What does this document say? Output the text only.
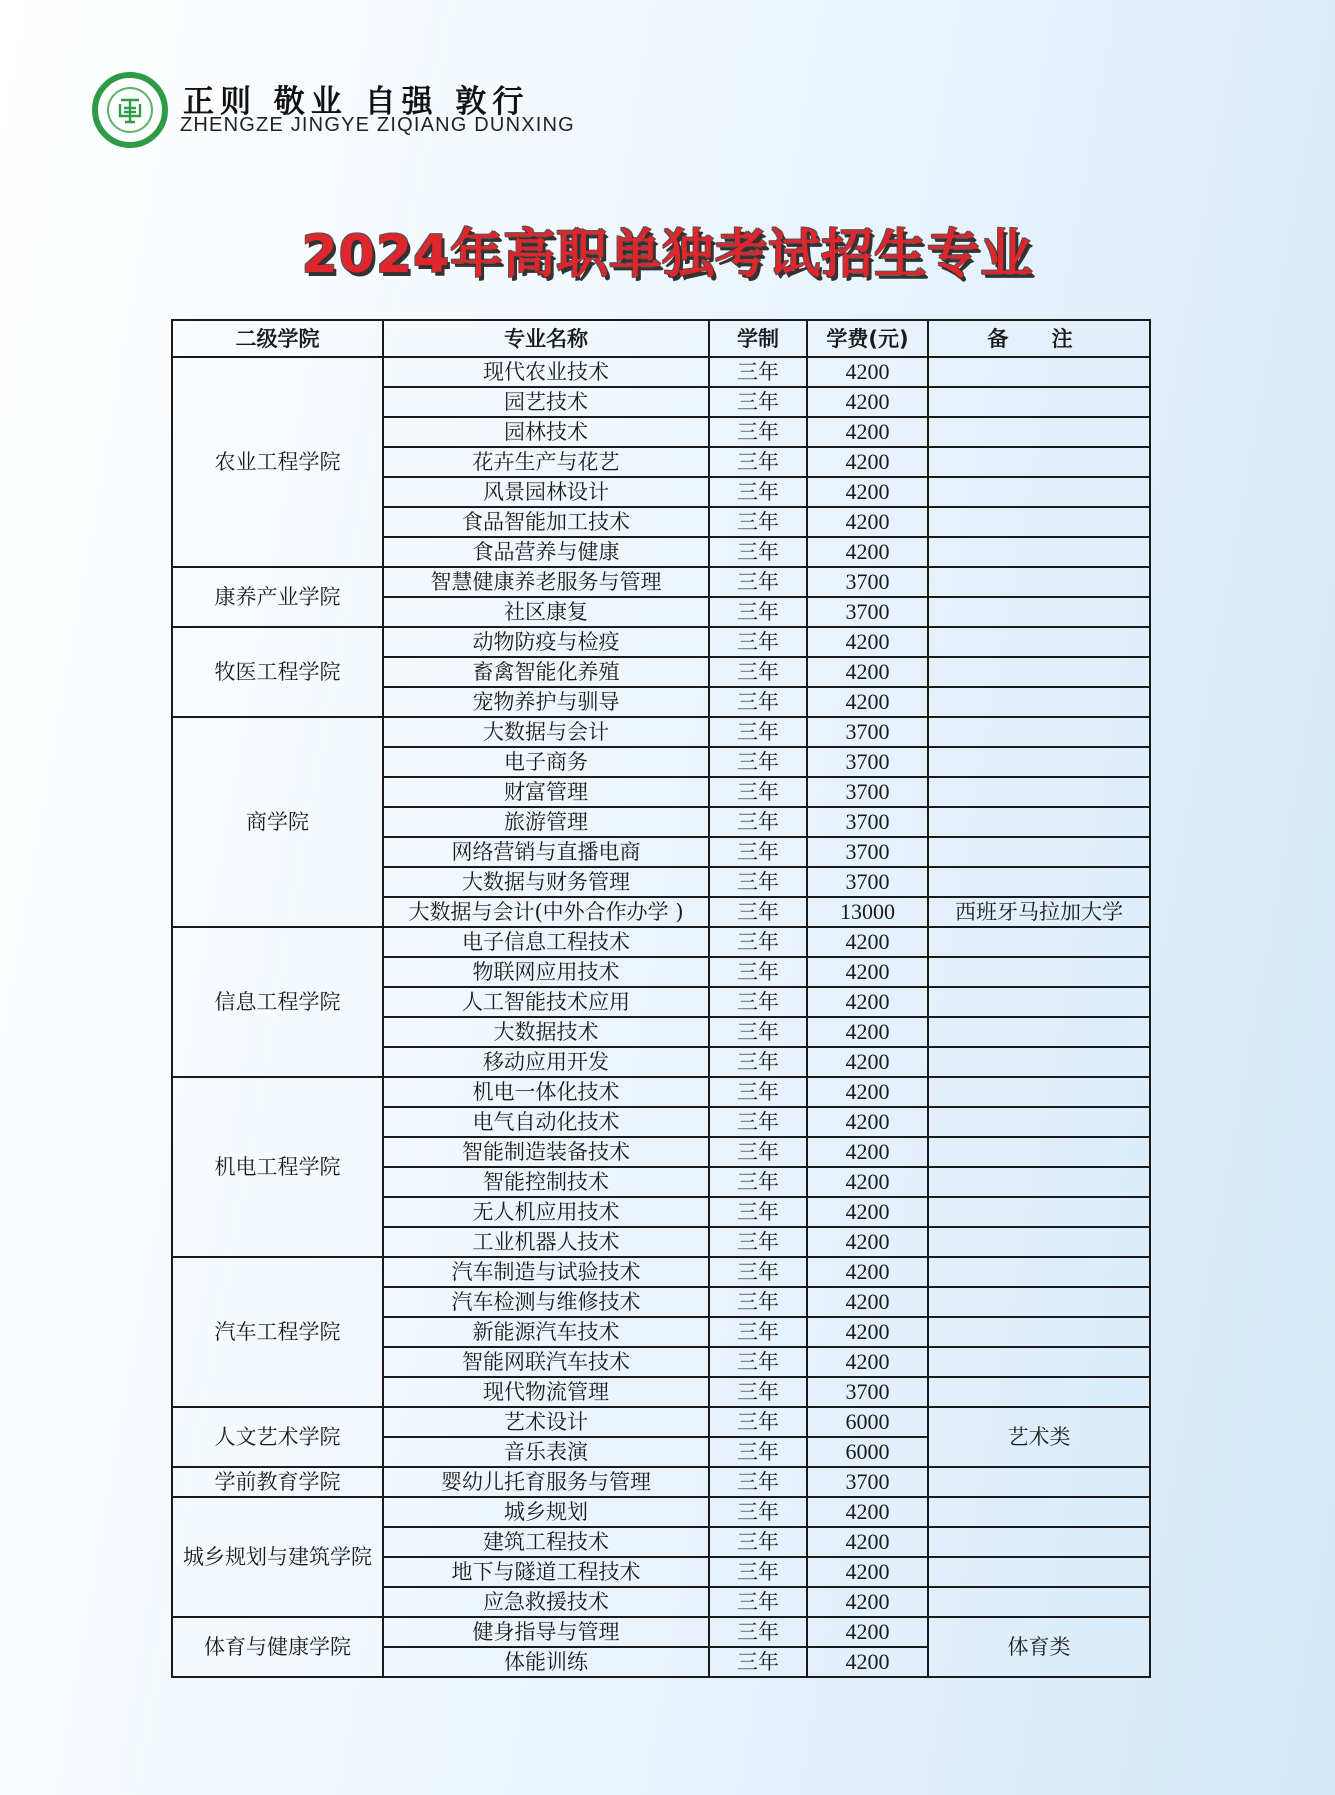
正则 敬业 自强 敦行
ZHENGZE JINGYE ZIQIANG DUNXING
2024年高职单独考试招生专业
二级学院	专业名称	学制	学费(元)	备 注
农业工程学院	现代农业技术	三年	4200	
	园艺技术	三年	4200	
	园林技术	三年	4200	
	花卉生产与花艺	三年	4200	
	风景园林设计	三年	4200	
	食品智能加工技术	三年	4200	
	食品营养与健康	三年	4200	
康养产业学院	智慧健康养老服务与管理	三年	3700	
	社区康复	三年	3700	
牧医工程学院	动物防疫与检疫	三年	4200	
	畜禽智能化养殖	三年	4200	
	宠物养护与驯导	三年	4200	
商学院	大数据与会计	三年	3700	
	电子商务	三年	3700	
	财富管理	三年	3700	
	旅游管理	三年	3700	
	网络营销与直播电商	三年	3700	
	大数据与财务管理	三年	3700	
	大数据与会计(中外合作办学 )	三年	13000	西班牙马拉加大学
信息工程学院	电子信息工程技术	三年	4200	
	物联网应用技术	三年	4200	
	人工智能技术应用	三年	4200	
	大数据技术	三年	4200	
	移动应用开发	三年	4200	
机电工程学院	机电一体化技术	三年	4200	
	电气自动化技术	三年	4200	
	智能制造装备技术	三年	4200	
	智能控制技术	三年	4200	
	无人机应用技术	三年	4200	
	工业机器人技术	三年	4200	
汽车工程学院	汽车制造与试验技术	三年	4200	
	汽车检测与维修技术	三年	4200	
	新能源汽车技术	三年	4200	
	智能网联汽车技术	三年	4200	
	现代物流管理	三年	3700	
人文艺术学院	艺术设计	三年	6000	艺术类
	音乐表演	三年	6000	
学前教育学院	婴幼儿托育服务与管理	三年	3700	
城乡规划与建筑学院	城乡规划	三年	4200	
	建筑工程技术	三年	4200	
	地下与隧道工程技术	三年	4200	
	应急救援技术	三年	4200	
体育与健康学院	健身指导与管理	三年	4200	体育类
	体能训练	三年	4200	
